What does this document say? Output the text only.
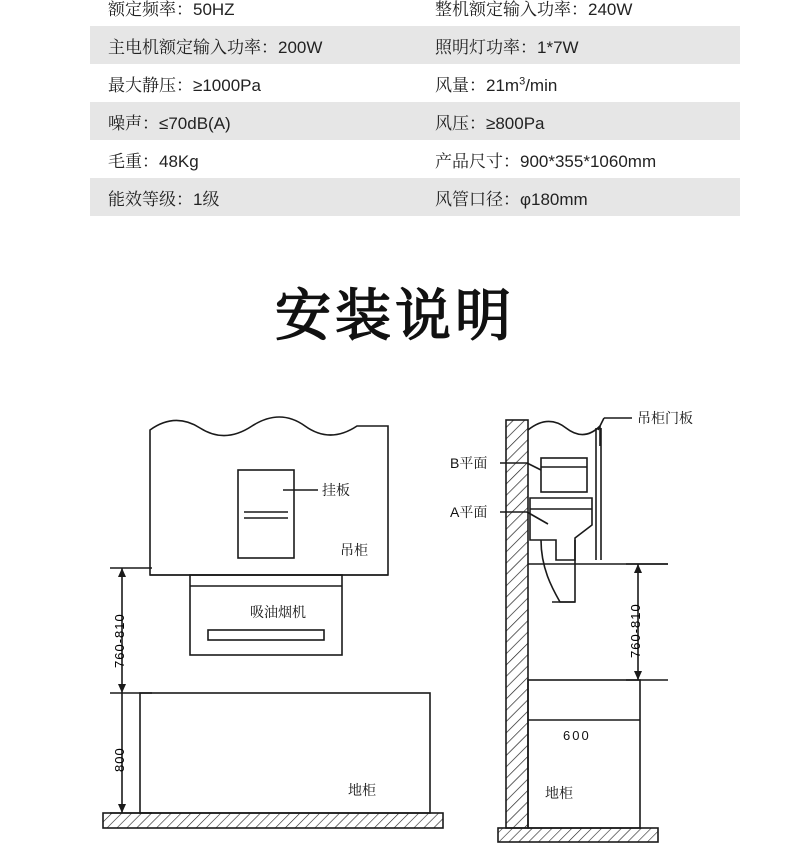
额定频率：50HZ	整机额定输入功率：240W
主电机额定输入功率：200W	照明灯功率：1*7W
最大静压：≥1000Pa	风量：$21m^3/\min$
噪声：≤70dB(A)	风压：≥800Pa
毛重：48Kg	产品尺寸：900*355*1060mm
能效等级：1级	风管口径：φ180mm
安装说明
挂板
吊柜
吸油烟机
地柜
760-810
800
吊柜门板
B平面
A平面
760-810
600
地柜
